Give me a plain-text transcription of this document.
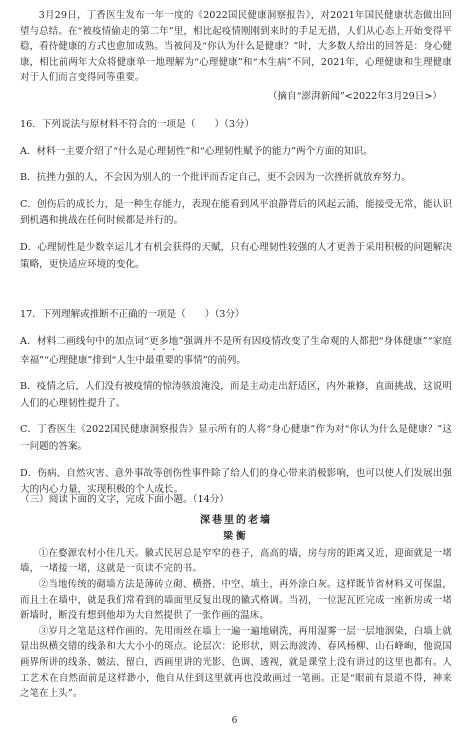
3月29日，丁香医生发布一年一度的《2022国民健康洞察报告》，对2021年国民健康状态做出回望与总结。在“被疫情偷走的第二年”里，相比起疫情刚刚到来时的手足无措，人们从心态上开始变得平稳，看待健康的方式也愈加成熟。当被问及“你认为什么是健康？”时，大多数人给出的回答是：身心健康，相比前两年大众将健康单一地理解为“心理健康”和“木生病”不同，2021年，心理健康和生理健康对于人们而言变得同等重要。

（摘自“澎湃新闻”<2022年3月29日>）

16．下列说法与原材料不符合的一项是（　　）（3分）

A．材料一主要介绍了“什么是心理韧性”和“心理韧性赋予的能力”两个方面的知识。

B．抗挫力强的人，不会因为别人的一个批评而否定自己，更不会因为一次挫折就放弃努力。

C．创伤后的成长力，是一种生存能力，表现在能看到风平浪静背后的风起云涌，能接受无常，能认识到机遇和挑战在任何时候都是并行的。

D．心理韧性是少数幸运儿才有机会获得的天赋，只有心理韧性较强的人才更善于采用积极的问题解决策略，更快适应环境的变化。

17．下列理解或推断不正确的一项是（　　）（3分）

A．材料二画线句中的加点词“更多地”强调并不是所有因疫情改变了生命观的人都把“身体健康”“家庭幸福”“心理健康”排到“人生中最重要的事情”的前列。

B．疫情之后，人们没有被疫情的惊涛骇浪淹没，而是主动走出舒适区，内外兼修，直面挑战，这说明人们的心理韧性提升了。

C．丁香医生《2022国民健康洞察报告》显示所有的人将“身心健康”作为对“你认为什么是健康？”这一问题的答案。

D．伤病、自然灾害、意外事故等创伤性事件除了给人们的身心带来消极影响，也可以使人们发展出强大的内心力量，实现积极的个人成长。

（三）阅读下面的文字，完成下面小题。（14分）

深巷里的老墙

梁衡

①在婺源农村小住几天。徽式民居总是窄窄的巷子，高高的墙，房与房的距离又近，迎面就是一堵墙，一堵接一堵，这就是一页读不完的书。

②当地传统的砌墙方法是薄砖立砌、横搭、中空、填土，再外涂白灰。这样既节省材料又可保温，而且土在墙中，就是我们常看到的墙面里反复出现的徽式格调。当初，一位泥瓦匠完成一座新房或一堵新墙时，断没有想到他却为大自然提供了一张作画的温床。

③岁月之笔是这样作画的。先用雨丝在墙上一遍一遍地刷洗，再用湿雾一层一层地洇染，白墙上就显出纵横交错的线条和大大小小的斑点。论层次：论形状，则云海波涛、春风杨柳、山石峰峋，他说国画界所讲的线条、皴法、留白，西画里讲的光影、色调、透视，就是课堂上没有讲过的这里也都有。人工艺术在自然面前是这样渺小，他自从住到这里就再也没敢画过一笔画。正是“眼前有景道不得，神来之笔在上头”。

6
